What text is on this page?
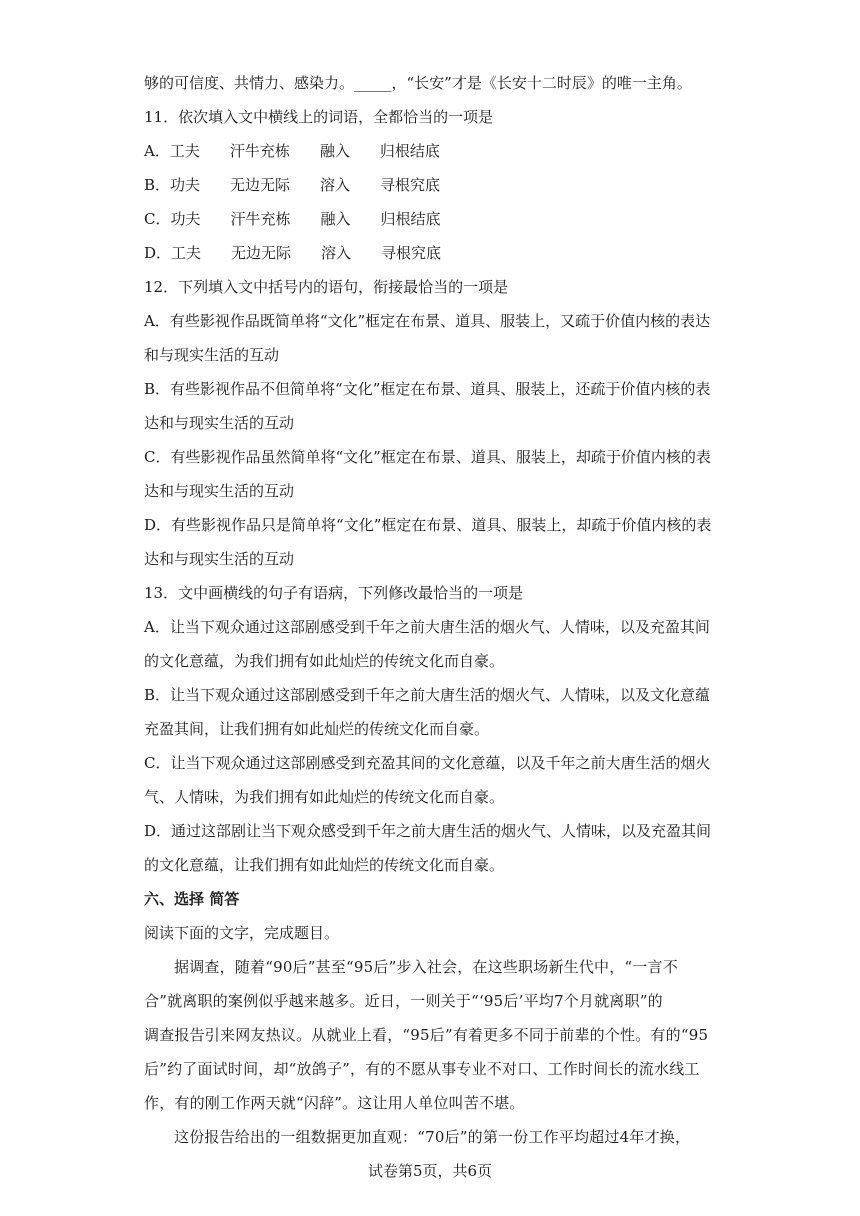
够的可信度、共情力、感染力。_____，“长安”才是《长安十二时辰》的唯一主角。
11．依次填入文中横线上的词语，全都恰当的一项是
A．工夫　　汗牛充栋　　融入　　归根结底
B．功夫　　无边无际　　溶入　　寻根究底
C．功夫　　汗牛充栋　　融入　　归根结底
D．工夫　　无边无际　　溶入　　寻根究底
12．下列填入文中括号内的语句，衔接最恰当的一项是
A．有些影视作品既简单将“文化”框定在布景、道具、服装上，又疏于价值内核的表达
和与现实生活的互动
B．有些影视作品不但简单将“文化”框定在布景、道具、服装上，还疏于价值内核的表
达和与现实生活的互动
C．有些影视作品虽然简单将“文化”框定在布景、道具、服装上，却疏于价值内核的表
达和与现实生活的互动
D．有些影视作品只是简单将“文化”框定在布景、道具、服装上，却疏于价值内核的表
达和与现实生活的互动
13．文中画横线的句子有语病，下列修改最恰当的一项是
A．让当下观众通过这部剧感受到千年之前大唐生活的烟火气、人情味，以及充盈其间
的文化意蕴，为我们拥有如此灿烂的传统文化而自豪。
B．让当下观众通过这部剧感受到千年之前大唐生活的烟火气、人情味，以及文化意蕴
充盈其间，让我们拥有如此灿烂的传统文化而自豪。
C．让当下观众通过这部剧感受到充盈其间的文化意蕴，以及千年之前大唐生活的烟火
气、人情味，为我们拥有如此灿烂的传统文化而自豪。
D．通过这部剧让当下观众感受到千年之前大唐生活的烟火气、人情味，以及充盈其间
的文化意蕴，让我们拥有如此灿烂的传统文化而自豪。
六、选择 简答
阅读下面的文字，完成题目。
据调查，随着“90后”甚至“95后”步入社会，在这些职场新生代中，“一言不
合”就离职的案例似乎越来越多。近日，一则关于“‘95后’平均7个月就离职”的
调查报告引来网友热议。从就业上看，“95后”有着更多不同于前辈的个性。有的“95
后”约了面试时间，却“放鸽子”，有的不愿从事专业不对口、工作时间长的流水线工
作，有的刚工作两天就“闪辞”。这让用人单位叫苦不堪。
这份报告给出的一组数据更加直观：“70后”的第一份工作平均超过4年才换，
试卷第5页，共6页
